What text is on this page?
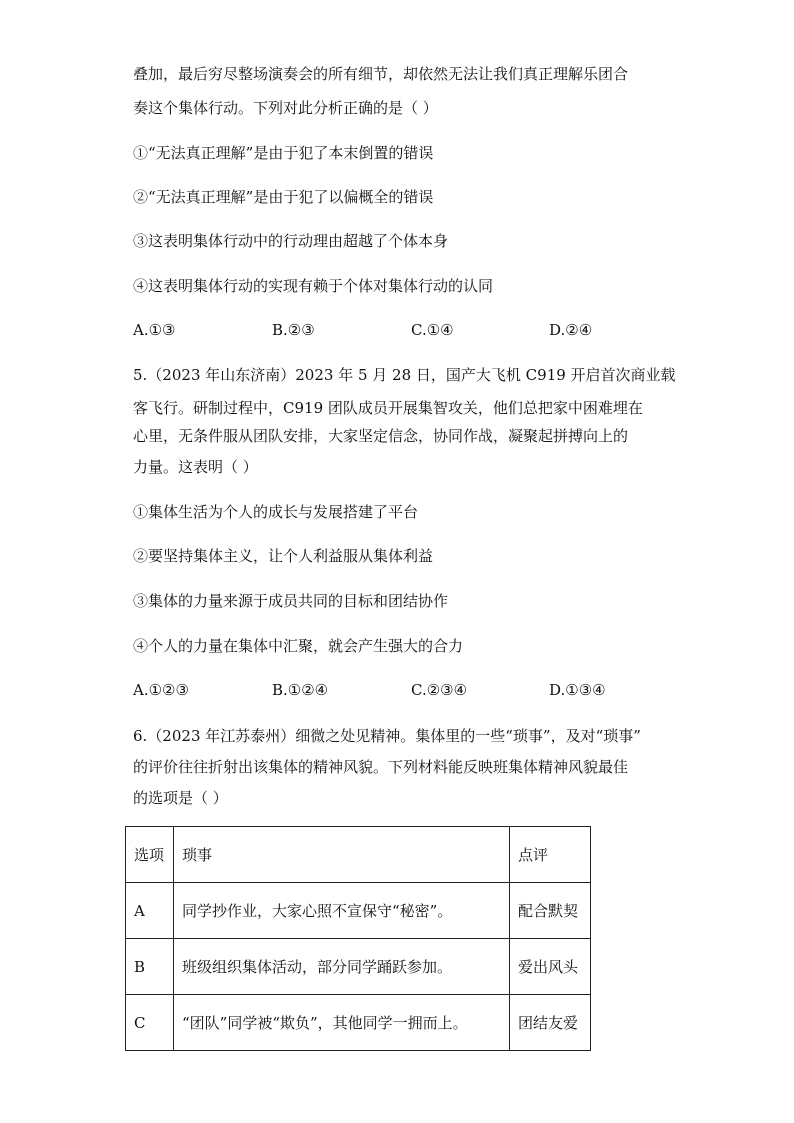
叠加，最后穷尽整场演奏会的所有细节，却依然无法让我们真正理解乐团合
奏这个集体行动。下列对此分析正确的是（ ）
①“无法真正理解”是由于犯了本末倒置的错误
②“无法真正理解”是由于犯了以偏概全的错误
③这表明集体行动中的行动理由超越了个体本身
④这表明集体行动的实现有赖于个体对集体行动的认同
A.①③	B.②③	C.①④	D.②④
5.（2023 年山东济南）2023 年 5 月 28 日，国产大飞机 C919 开启首次商业载
客飞行。研制过程中，C919 团队成员开展集智攻关，他们总把家中困难埋在
心里，无条件服从团队安排，大家坚定信念，协同作战，凝聚起拼搏向上的
力量。这表明（ ）
①集体生活为个人的成长与发展搭建了平台
②要坚持集体主义，让个人利益服从集体利益
③集体的力量来源于成员共同的目标和团结协作
④个人的力量在集体中汇聚，就会产生强大的合力
A.①②③	B.①②④	C.②③④	D.①③④
6.（2023 年江苏泰州）细微之处见精神。集体里的一些“琐事”，及对“琐事”
的评价往往折射出该集体的精神风貌。下列材料能反映班集体精神风貌最佳
的选项是（ ）
选项	琐事	点评
A	同学抄作业，大家心照不宣保守“秘密”。	配合默契
B	班级组织集体活动，部分同学踊跃参加。	爱出风头
C	“团队”同学被“欺负”，其他同学一拥而上。	团结友爱
